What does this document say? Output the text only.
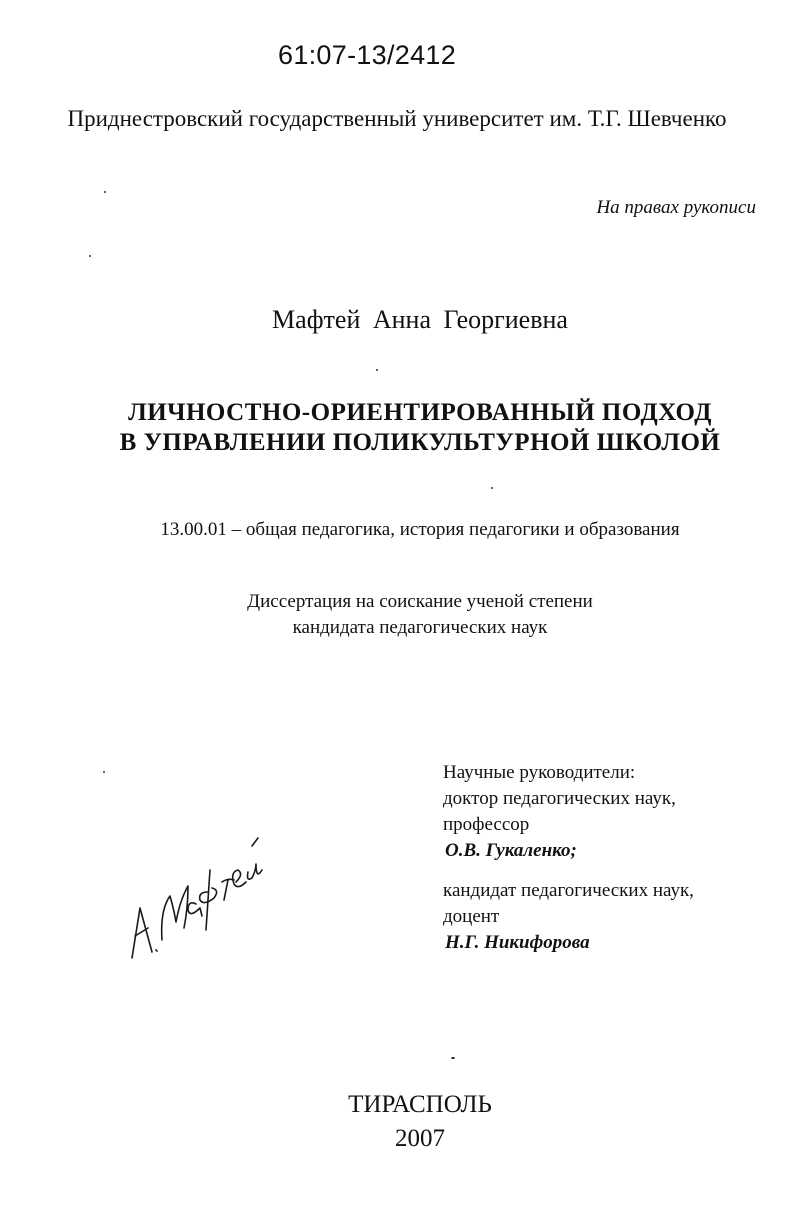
61:07-13/2412
Приднестровский государственный университет им. Т.Г. Шевченко
На правах рукописи
Мафтей Анна Георгиевна
ЛИЧНОСТНО-ОРИЕНТИРОВАННЫЙ ПОДХОД
В УПРАВЛЕНИИ ПОЛИКУЛЬТУРНОЙ ШКОЛОЙ
13.00.01 – общая педагогика, история педагогики и образования
Диссертация на соискание ученой степени
кандидата педагогических наук
Научные руководители:
доктор педагогических наук,
профессор
О.В. Гукаленко;
кандидат педагогических наук,
доцент
Н.Г. Никифорова
ТИРАСПОЛЬ
2007
